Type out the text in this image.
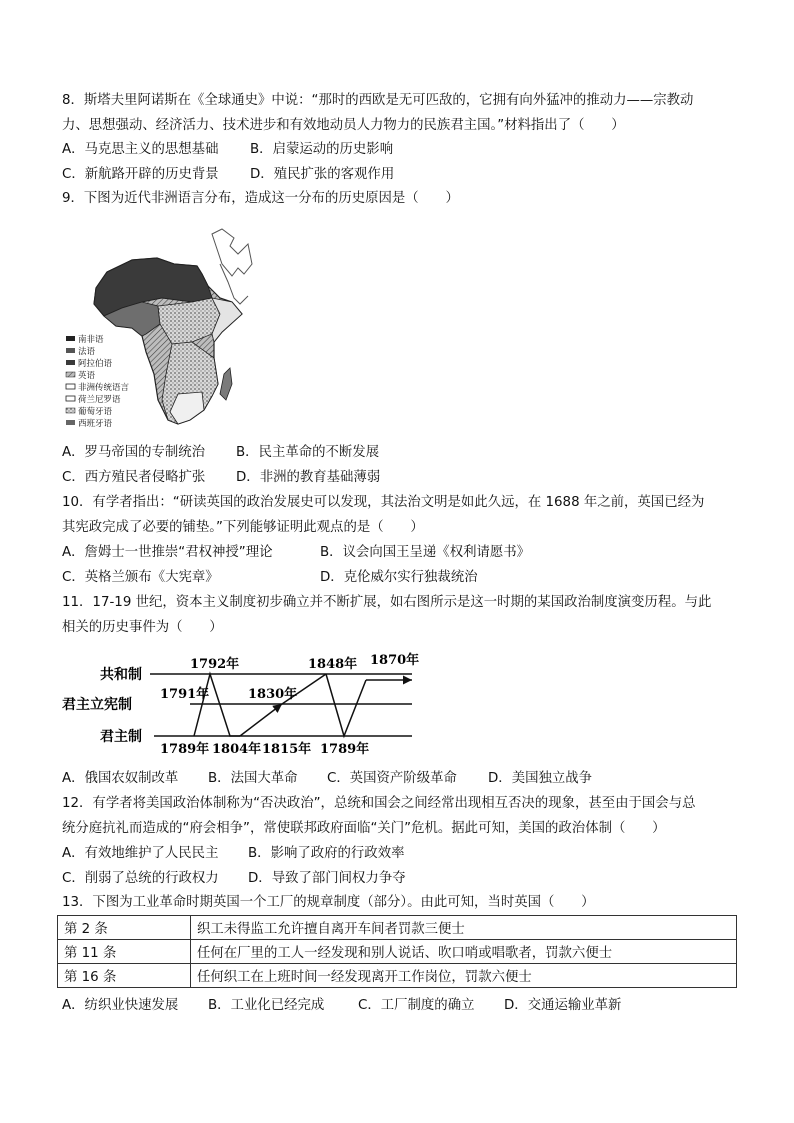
8．斯塔夫里阿诺斯在《全球通史》中说：“那时的西欧是无可匹敌的，它拥有向外猛冲的推动力——宗教动
力、思想强动、经济活力、技术进步和有效地动员人力物力的民族君主国。”材料指出了（　　）
A．马克思主义的思想基础 B．启蒙运动的历史影响
C．新航路开辟的历史背景 D．殖民扩张的客观作用
9．下图为近代非洲语言分布，造成这一分布的历史原因是（　　）
南非语
法语
阿拉伯语
英语
非洲传统语言
荷兰尼罗语
葡萄牙语
西班牙语
A．罗马帝国的专制统治 B．民主革命的不断发展
C．西方殖民者侵略扩张 D．非洲的教育基础薄弱
10．有学者指出：“研读英国的政治发展史可以发现，其法治文明是如此久远，在 1688 年之前，英国已经为
其宪政完成了必要的铺垫。”下列能够证明此观点的是（　　）
A．詹姆士一世推崇“君权神授”理论	B．议会向国王呈递《权利请愿书》
C．英格兰颁布《大宪章》	D．克伦威尔实行独裁统治
11．17-19 世纪，资本主义制度初步确立并不断扩展，如右图所示是这一时期的某国政治制度演变历程。与此
相关的历史事件为（　　）
共和制
君主立宪制
君主制
1792年	1848年 1870年
1791年	1830年
1789年 1804年 1815年 1789年
A．俄国农奴制改革 B．法国大革命 C．英国资产阶级革命 D．美国独立战争
12．有学者将美国政治体制称为“否决政治”，总统和国会之间经常出现相互否决的现象，甚至由于国会与总
统分庭抗礼而造成的“府会相争”，常使联邦政府面临“关门”危机。据此可知，美国的政治体制（　　）
A．有效地维护了人民民主 B．影响了政府的行政效率
C．削弱了总统的行政权力 D．导致了部门间权力争夺
13．下图为工业革命时期英国一个工厂的规章制度（部分）。由此可知，当时英国（　　）
第 2 条	织工未得监工允许擅自离开车间者罚款三便士
第 11 条	任何在厂里的工人一经发现和别人说话、吹口哨或唱歌者，罚款六便士
第 16 条	任何织工在上班时间一经发现离开工作岗位，罚款六便士
A．纺织业快速发展 B．工业化已经完成	C．工厂制度的确立 D．交通运输业革新
